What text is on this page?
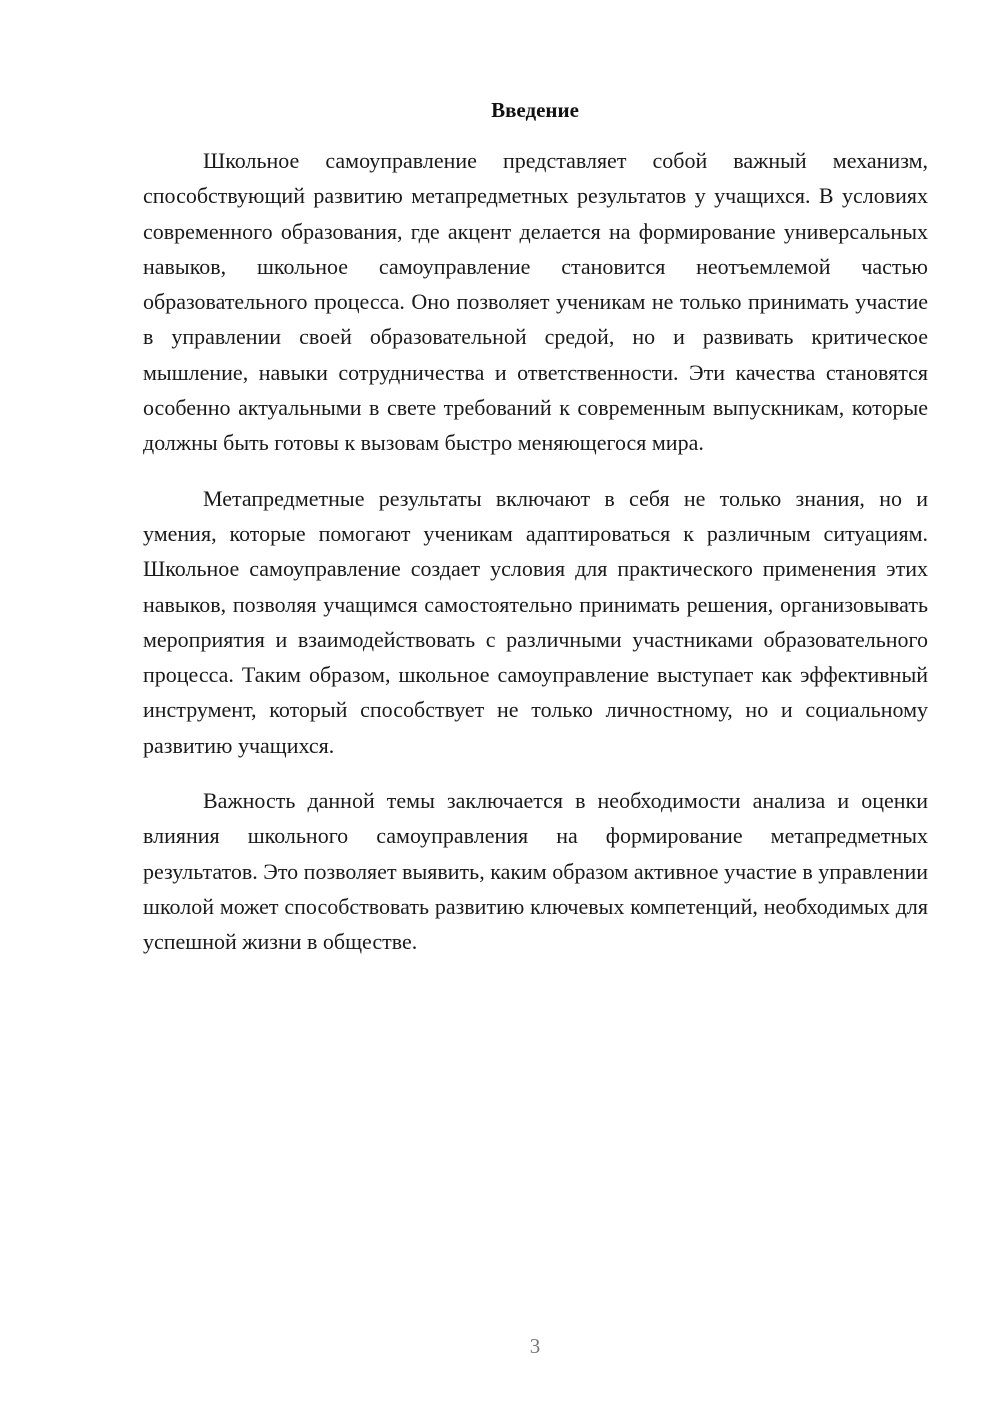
Введение

Школьное самоуправление представляет собой важный механизм, способствующий развитию метапредметных результатов у учащихся. В условиях современного образования, где акцент делается на формирование универсальных навыков, школьное самоуправление становится неотъемлемой частью образовательного процесса. Оно позволяет ученикам не только принимать участие в управлении своей образовательной средой, но и развивать критическое мышление, навыки сотрудничества и ответственности. Эти качества становятся особенно актуальными в свете требований к современным выпускникам, которые должны быть готовы к вызовам быстро меняющегося мира.

Метапредметные результаты включают в себя не только знания, но и умения, которые помогают ученикам адаптироваться к различным ситуациям. Школьное самоуправление создает условия для практического применения этих навыков, позволяя учащимся самостоятельно принимать решения, организовывать мероприятия и взаимодействовать с различными участниками образовательного процесса. Таким образом, школьное самоуправление выступает как эффективный инструмент, который способствует не только личностному, но и социальному развитию учащихся.

Важность данной темы заключается в необходимости анализа и оценки влияния школьного самоуправления на формирование метапредметных результатов. Это позволяет выявить, каким образом активное участие в управлении школой может способствовать развитию ключевых компетенций, необходимых для успешной жизни в обществе.

3
